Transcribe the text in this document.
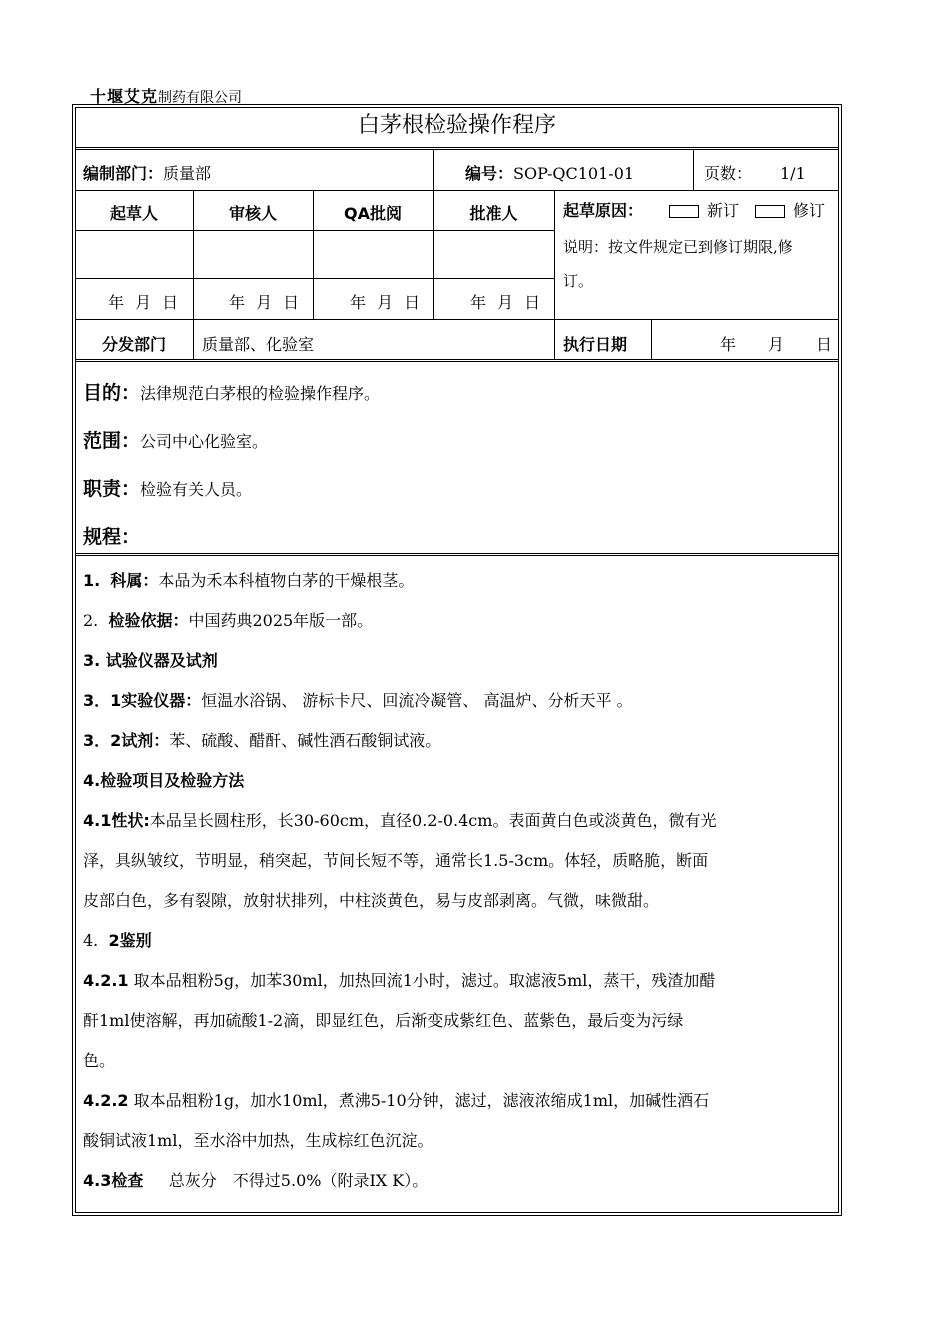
十堰艾克制药有限公司
白茅根检验操作程序
编制部门：质量部	编号：SOP-QC101-01	页数： 1/1
起草人	审核人	QA批阅	批准人
年 月 日	年 月 日	年 月 日	年 月 日
起草原因：	新订	修订
说明：按文件规定已到修订期限,修
订。
分发部门	质量部、化验室	执行日期	年 月 日
目的：法律规范白茅根的检验操作程序。
范围：公司中心化验室。
职责：检验有关人员。
规程：
1. 科属：本品为禾本科植物白茅的干燥根茎。
2. 检验依据：中国药典2025年版一部。
3. 试验仪器及试剂
3．1实验仪器：恒温水浴锅、 游标卡尺、回流冷凝管、 高温炉、分析天平 。
3．2试剂：苯、硫酸、醋酐、碱性酒石酸铜试液。
4.检验项目及检验方法
4.1性状:本品呈长圆柱形，长30-60cm，直径0.2-0.4cm。表面黄白色或淡黄色，微有光
泽，具纵皱纹，节明显，稍突起，节间长短不等，通常长1.5-3cm。体轻，质略脆，断面
皮部白色，多有裂隙，放射状排列，中柱淡黄色，易与皮部剥离。气微，味微甜。
4. 2鉴别
4.2.1 取本品粗粉5g，加苯30ml，加热回流1小时，滤过。取滤液5ml，蒸干，残渣加醋
酐1ml使溶解，再加硫酸1-2滴，即显红色，后渐变成紫红色、蓝紫色，最后变为污绿
色。
4.2.2 取本品粗粉1g，加水10ml，煮沸5-10分钟，滤过，滤液浓缩成1ml，加碱性酒石
酸铜试液1ml，至水浴中加热，生成棕红色沉淀。
4.3检查 总灰分　不得过5.0%（附录IX K）。
